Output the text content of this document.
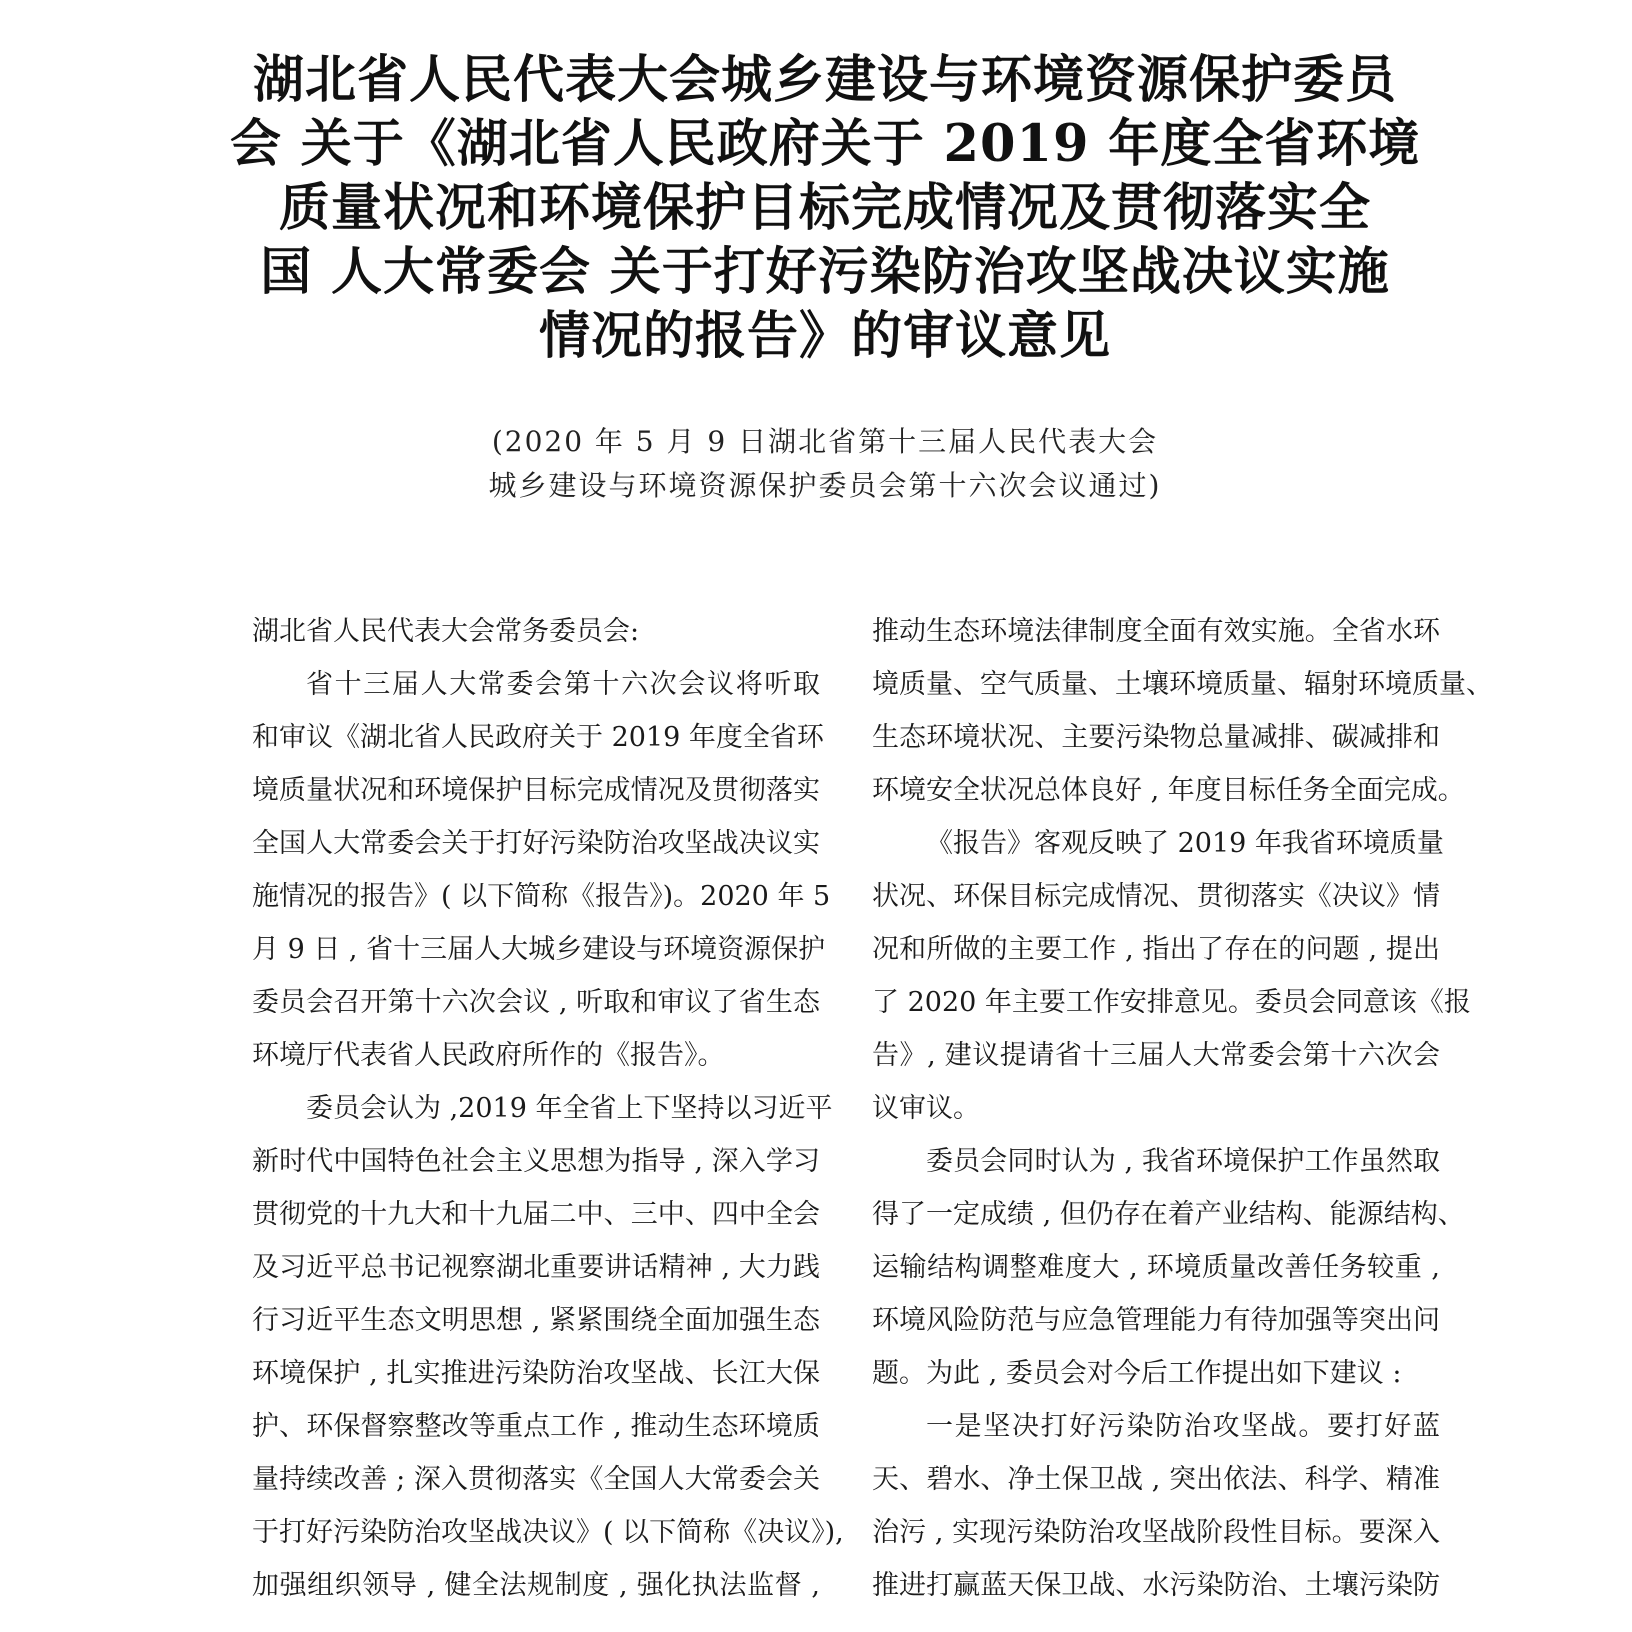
湖北省人民代表大会城乡建设与环境资源保护委员
会 关于《湖北省人民政府关于 2019 年度全省环境
质量状况和环境保护目标完成情况及贯彻落实全
国 人大常委会 关于打好污染防治攻坚战决议实施
情况的报告》的审议意见
(2020 年 5 月 9 日湖北省第十三届人民代表大会
城乡建设与环境资源保护委员会第十六次会议通过)
湖北省人民代表大会常务委员会:
省十三届人大常委会第十六次会议将听取
和审议《湖北省人民政府关于 2019 年度全省环
境质量状况和环境保护目标完成情况及贯彻落实
全国人大常委会关于打好污染防治攻坚战决议实
施情况的报告》( 以下简称《报告》)。2020 年 5
月 9 日 , 省十三届人大城乡建设与环境资源保护
委员会召开第十六次会议 , 听取和审议了省生态
环境厅代表省人民政府所作的《报告》。
委员会认为 ,2019 年全省上下坚持以习近平
新时代中国特色社会主义思想为指导 , 深入学习
贯彻党的十九大和十九届二中、三中、四中全会
及习近平总书记视察湖北重要讲话精神 , 大力践
行习近平生态文明思想 , 紧紧围绕全面加强生态
环境保护 , 扎实推进污染防治攻坚战、长江大保
护、环保督察整改等重点工作 , 推动生态环境质
量持续改善 ; 深入贯彻落实《全国人大常委会关
于打好污染防治攻坚战决议》( 以下简称《决议》),
加强组织领导 , 健全法规制度 , 强化执法监督 ,
推动生态环境法律制度全面有效实施。全省水环
境质量、空气质量、土壤环境质量、辐射环境质量、
生态环境状况、主要污染物总量减排、碳减排和
环境安全状况总体良好 , 年度目标任务全面完成。
《报告》客观反映了 2019 年我省环境质量
状况、环保目标完成情况、贯彻落实《决议》情
况和所做的主要工作 , 指出了存在的问题 , 提出
了 2020 年主要工作安排意见。委员会同意该《报
告》, 建议提请省十三届人大常委会第十六次会
议审议。
委员会同时认为 , 我省环境保护工作虽然取
得了一定成绩 , 但仍存在着产业结构、能源结构、
运输结构调整难度大 , 环境质量改善任务较重 ,
环境风险防范与应急管理能力有待加强等突出问
题。为此 , 委员会对今后工作提出如下建议 :
一是坚决打好污染防治攻坚战。要打好蓝
天、碧水、净土保卫战 , 突出依法、科学、精准
治污 , 实现污染防治攻坚战阶段性目标。要深入
推进打赢蓝天保卫战、水污染防治、土壤污染防
